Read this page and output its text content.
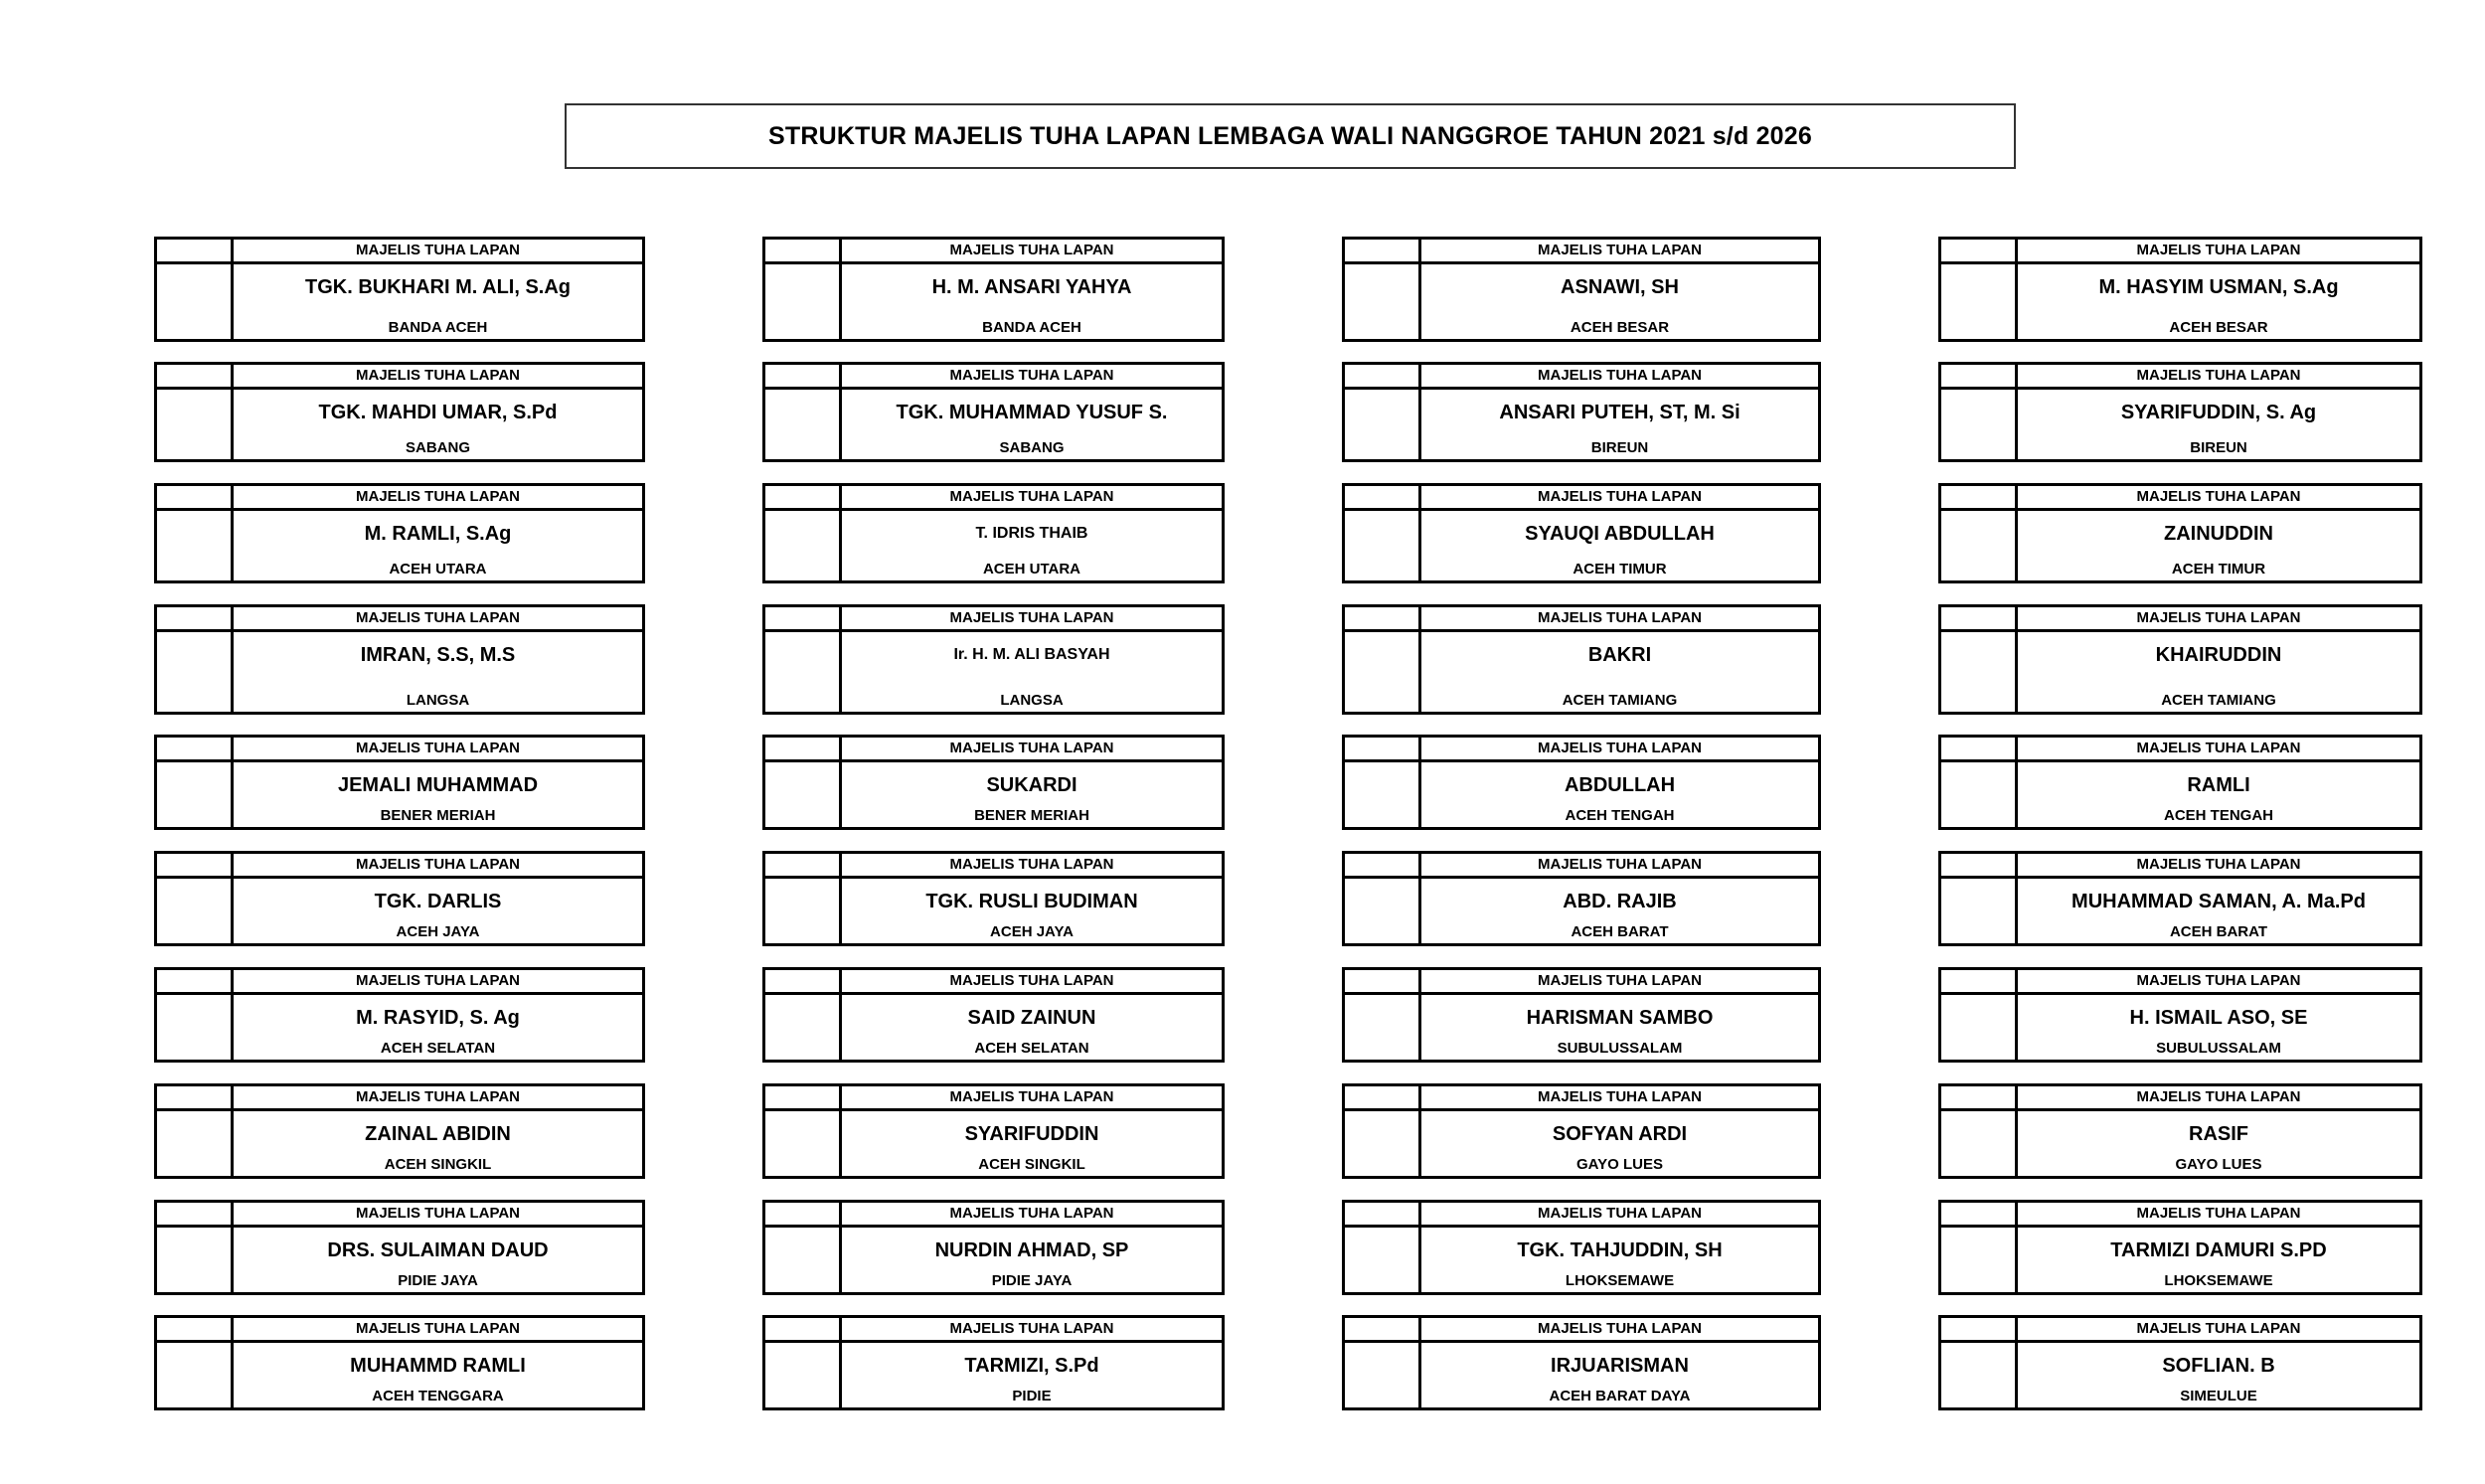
STRUKTUR MAJELIS TUHA LAPAN LEMBAGA WALI NANGGROE TAHUN 2021 s/d 2026
MAJELIS TUHA LAPAN
TGK. BUKHARI M. ALI, S.Ag
BANDA ACEH
MAJELIS TUHA LAPAN
TGK. MAHDI UMAR, S.Pd
SABANG
MAJELIS TUHA LAPAN
M. RAMLI, S.Ag
ACEH UTARA
MAJELIS TUHA LAPAN
IMRAN, S.S, M.S
LANGSA
MAJELIS TUHA LAPAN
JEMALI MUHAMMAD
BENER MERIAH
MAJELIS TUHA LAPAN
TGK. DARLIS
ACEH JAYA
MAJELIS TUHA LAPAN
M. RASYID, S. Ag
ACEH SELATAN
MAJELIS TUHA LAPAN
ZAINAL ABIDIN
ACEH SINGKIL
MAJELIS TUHA LAPAN
DRS. SULAIMAN DAUD
PIDIE JAYA
MAJELIS TUHA LAPAN
MUHAMMD RAMLI
ACEH TENGGARA
MAJELIS TUHA LAPAN
H. M. ANSARI YAHYA
BANDA ACEH
MAJELIS TUHA LAPAN
TGK. MUHAMMAD YUSUF S.
SABANG
MAJELIS TUHA LAPAN
T. IDRIS THAIB
ACEH UTARA
MAJELIS TUHA LAPAN
Ir. H. M. ALI BASYAH
LANGSA
MAJELIS TUHA LAPAN
SUKARDI
BENER MERIAH
MAJELIS TUHA LAPAN
TGK. RUSLI BUDIMAN
ACEH JAYA
MAJELIS TUHA LAPAN
SAID ZAINUN
ACEH SELATAN
MAJELIS TUHA LAPAN
SYARIFUDDIN
ACEH SINGKIL
MAJELIS TUHA LAPAN
NURDIN AHMAD, SP
PIDIE JAYA
MAJELIS TUHA LAPAN
TARMIZI, S.Pd
PIDIE
MAJELIS TUHA LAPAN
ASNAWI, SH
ACEH BESAR
MAJELIS TUHA LAPAN
ANSARI PUTEH, ST, M. Si
BIREUN
MAJELIS TUHA LAPAN
SYAUQI ABDULLAH
ACEH TIMUR
MAJELIS TUHA LAPAN
BAKRI
ACEH TAMIANG
MAJELIS TUHA LAPAN
ABDULLAH
ACEH TENGAH
MAJELIS TUHA LAPAN
ABD. RAJIB
ACEH BARAT
MAJELIS TUHA LAPAN
HARISMAN SAMBO
SUBULUSSALAM
MAJELIS TUHA LAPAN
SOFYAN ARDI
GAYO LUES
MAJELIS TUHA LAPAN
TGK. TAHJUDDIN, SH
LHOKSEMAWE
MAJELIS TUHA LAPAN
IRJUARISMAN
ACEH BARAT DAYA
MAJELIS TUHA LAPAN
M. HASYIM USMAN, S.Ag
ACEH BESAR
MAJELIS TUHA LAPAN
SYARIFUDDIN, S. Ag
BIREUN
MAJELIS TUHA LAPAN
ZAINUDDIN
ACEH TIMUR
MAJELIS TUHA LAPAN
KHAIRUDDIN
ACEH TAMIANG
MAJELIS TUHA LAPAN
RAMLI
ACEH TENGAH
MAJELIS TUHA LAPAN
MUHAMMAD SAMAN, A. Ma.Pd
ACEH BARAT
MAJELIS TUHA LAPAN
H. ISMAIL ASO, SE
SUBULUSSALAM
MAJELIS TUHA LAPAN
RASIF
GAYO LUES
MAJELIS TUHA LAPAN
TARMIZI DAMURI S.PD
LHOKSEMAWE
MAJELIS TUHA LAPAN
SOFLIAN. B
SIMEULUE
